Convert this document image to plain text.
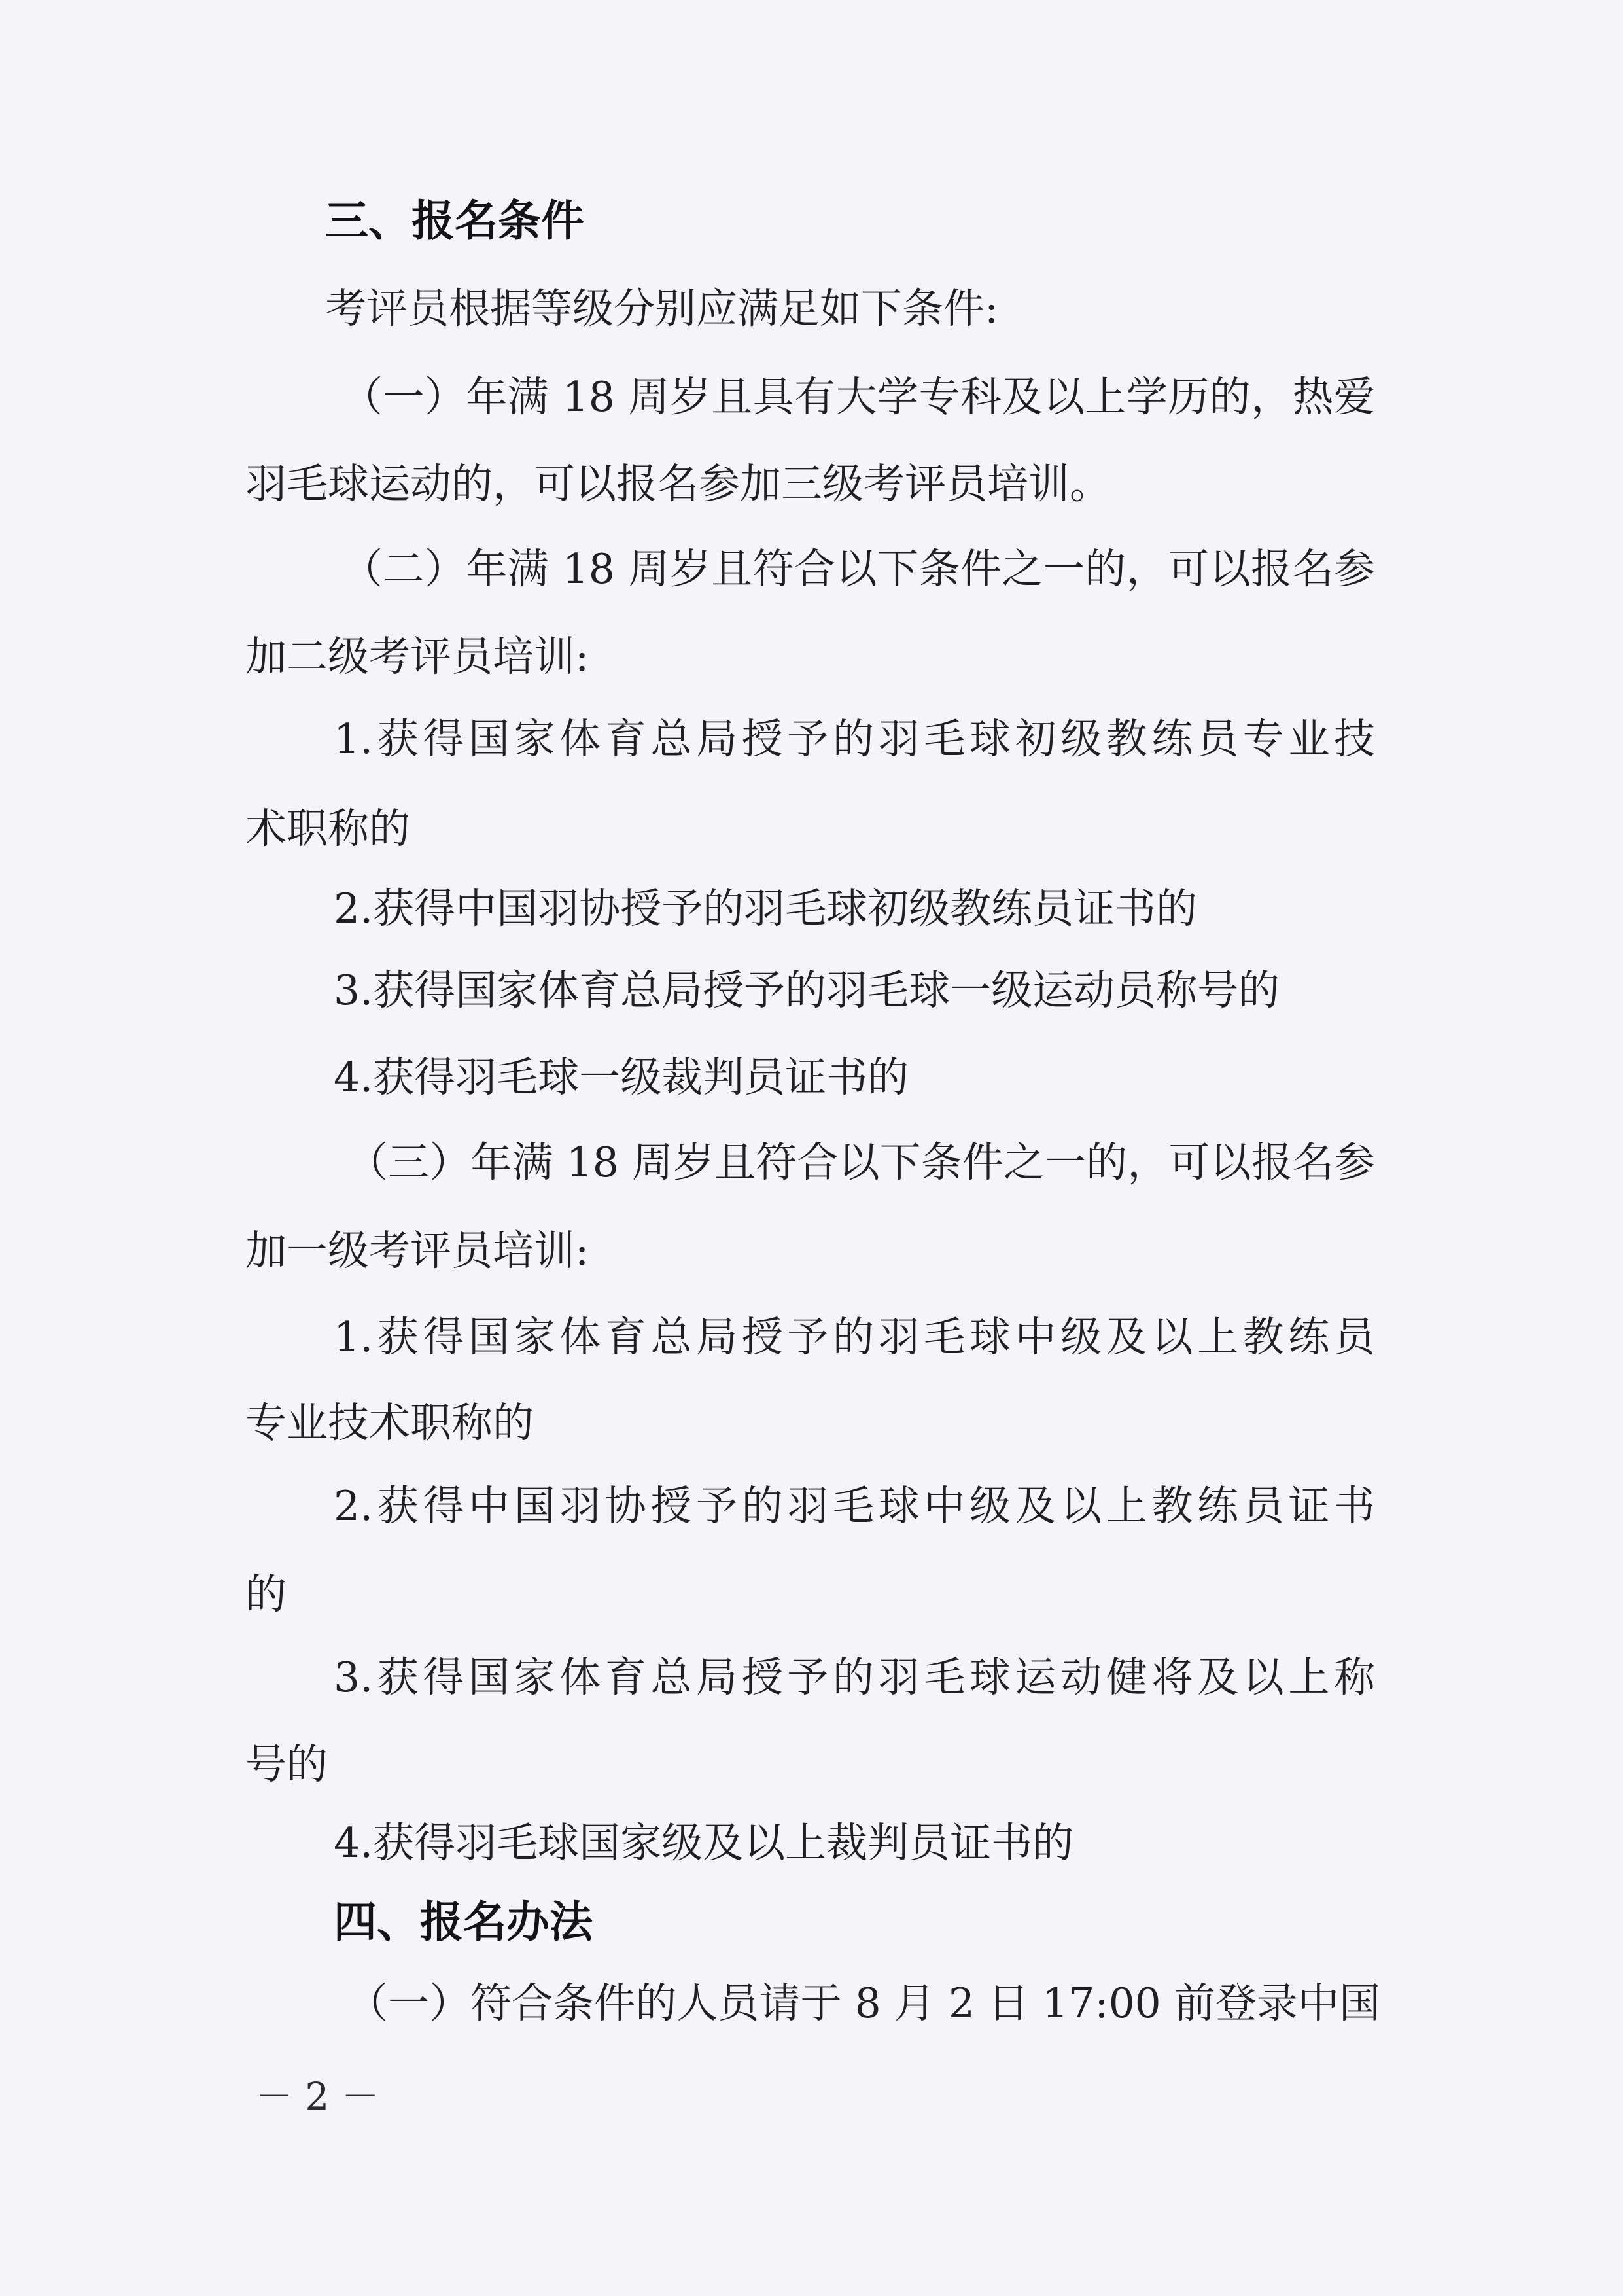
三、报名条件
考评员根据等级分别应满足如下条件:
（一）年满 18 周岁且具有大学专科及以上学历的，热爱
羽毛球运动的，可以报名参加三级考评员培训。
（二）年满 18 周岁且符合以下条件之一的，可以报名参
加二级考评员培训:
1.获得国家体育总局授予的羽毛球初级教练员专业技
术职称的
2.获得中国羽协授予的羽毛球初级教练员证书的
3.获得国家体育总局授予的羽毛球一级运动员称号的
4.获得羽毛球一级裁判员证书的
（三）年满 18 周岁且符合以下条件之一的，可以报名参
加一级考评员培训:
1.获得国家体育总局授予的羽毛球中级及以上教练员
专业技术职称的
2.获得中国羽协授予的羽毛球中级及以上教练员证书
的
3.获得国家体育总局授予的羽毛球运动健将及以上称
号的
4.获得羽毛球国家级及以上裁判员证书的
四、报名办法
（一）符合条件的人员请于 8 月 2 日 17:00 前登录中国
－ 2 －
